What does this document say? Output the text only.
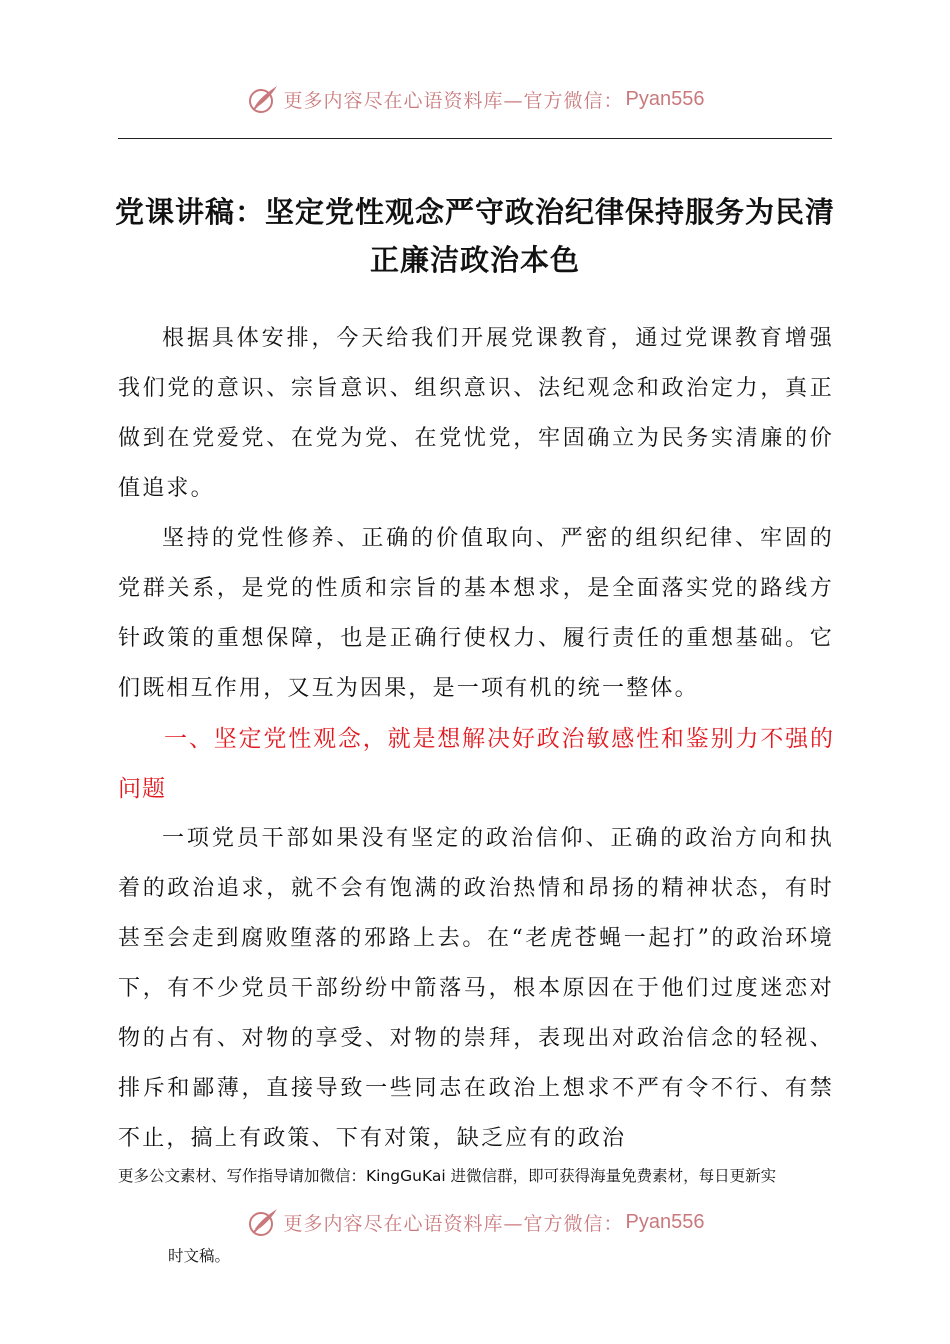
更多内容尽在心语资料库—官方微信： Pyan556
党课讲稿：坚定党性观念严守政治纪律保持服务为民清正廉洁政治本色

根据具体安排，今天给我们开展党课教育，通过党课教育增强我们党的意识、宗旨意识、组织意识、法纪观念和政治定力，真正做到在党爱党、在党为党、在党忧党，牢固确立为民务实清廉的价值追求。

坚持的党性修养、正确的价值取向、严密的组织纪律、牢固的党群关系，是党的性质和宗旨的基本想求，是全面落实党的路线方针政策的重想保障，也是正确行使权力、履行责任的重想基础。它们既相互作用，又互为因果，是一项有机的统一整体。

一、坚定党性观念，就是想解决好政治敏感性和鉴别力不强的问题

一项党员干部如果没有坚定的政治信仰、正确的政治方向和执着的政治追求，就不会有饱满的政治热情和昂扬的精神状态，有时甚至会走到腐败堕落的邪路上去。在“老虎苍蝇一起打”的政治环境下，有不少党员干部纷纷中箭落马，根本原因在于他们过度迷恋对物的占有、对物的享受、对物的崇拜，表现出对政治信念的轻视、排斥和鄙薄，直接导致一些同志在政治上想求不严有令不行、有禁不止，搞上有政策、下有对策，缺乏应有的政治

更多公文素材、写作指导请加微信：KingGuKai 进微信群，即可获得海量免费素材，每日更新实
更多内容尽在心语资料库—官方微信： Pyan556
时文稿。
